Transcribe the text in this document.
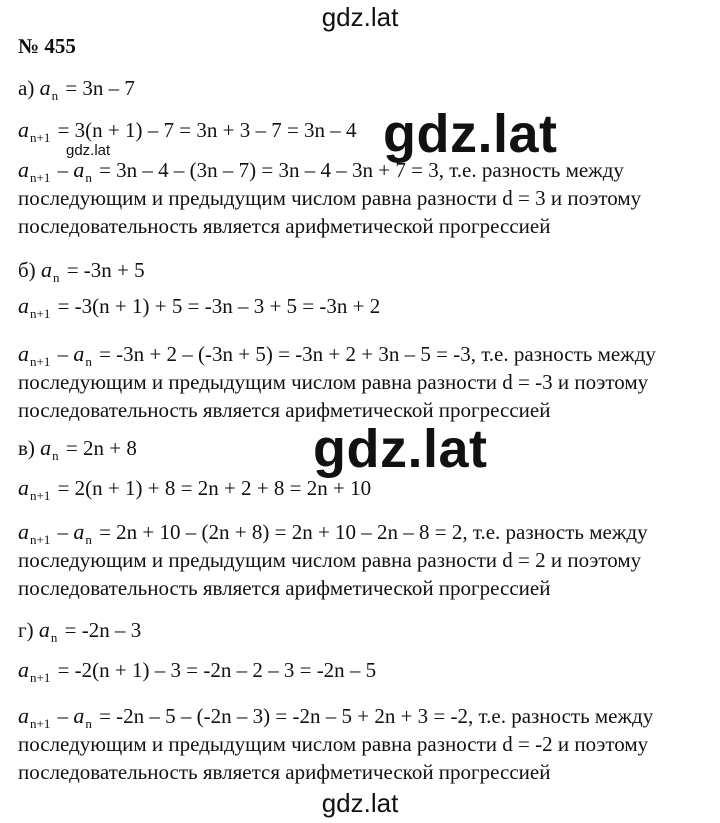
gdz.lat
№ 455
а) $a_n = 3n - 7$
$a_{n+1} = 3(n + 1) - 7 = 3n + 3 - 7 = 3n - 4$
$a_{n+1} - a_n = 3n - 4 - (3n - 7) = 3n - 4 - 3n + 7 = 3$, т.е. разность между
последующим и предыдущим числом равна разности d = 3 и поэтому
последовательность является арифметической прогрессией
б) $a_n = -3n + 5$
$a_{n+1} = -3(n + 1) + 5 = -3n - 3 + 5 = -3n + 2$
$a_{n+1} - a_n = -3n + 2 - (-3n + 5) = -3n + 2 + 3n - 5 = -3$, т.е. разность между
последующим и предыдущим числом равна разности d = -3 и поэтому
последовательность является арифметической прогрессией
в) $a_n = 2n + 8$
$a_{n+1} = 2(n + 1) + 8 = 2n + 2 + 8 = 2n + 10$
$a_{n+1} - a_n = 2n + 10 - (2n + 8) = 2n + 10 - 2n - 8 = 2$, т.е. разность между
последующим и предыдущим числом равна разности d = 2 и поэтому
последовательность является арифметической прогрессией
г) $a_n = -2n - 3$
$a_{n+1} = -2(n + 1) - 3 = -2n - 2 - 3 = -2n - 5$
$a_{n+1} - a_n = -2n - 5 - (-2n - 3) = -2n - 5 + 2n + 3 = -2$, т.е. разность между
последующим и предыдущим числом равна разности d = -2 и поэтому
последовательность является арифметической прогрессией
gdz.lat
gdz.lat
gdz.lat
gdz.lat
